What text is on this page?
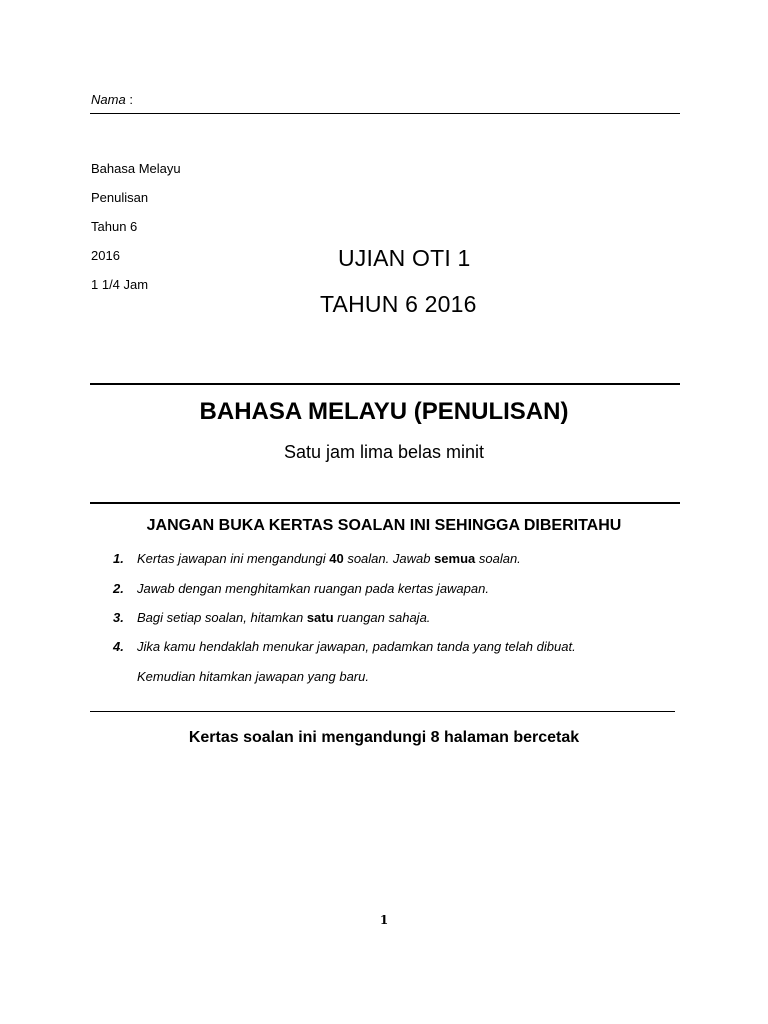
Nama :
Bahasa Melayu
Penulisan
Tahun 6
2016
1 1/4 Jam
UJIAN OTI 1
TAHUN 6 2016
BAHASA MELAYU (PENULISAN)
Satu jam lima belas minit
JANGAN BUKA KERTAS SOALAN INI SEHINGGA DIBERITAHU
1. Kertas jawapan ini mengandungi 40 soalan. Jawab semua soalan.
2. Jawab dengan menghitamkan ruangan pada kertas jawapan.
3. Bagi setiap soalan, hitamkan satu ruangan sahaja.
4. Jika kamu hendaklah menukar jawapan, padamkan tanda yang telah dibuat.
Kemudian hitamkan jawapan yang baru.
Kertas soalan ini mengandungi 8 halaman bercetak
1
